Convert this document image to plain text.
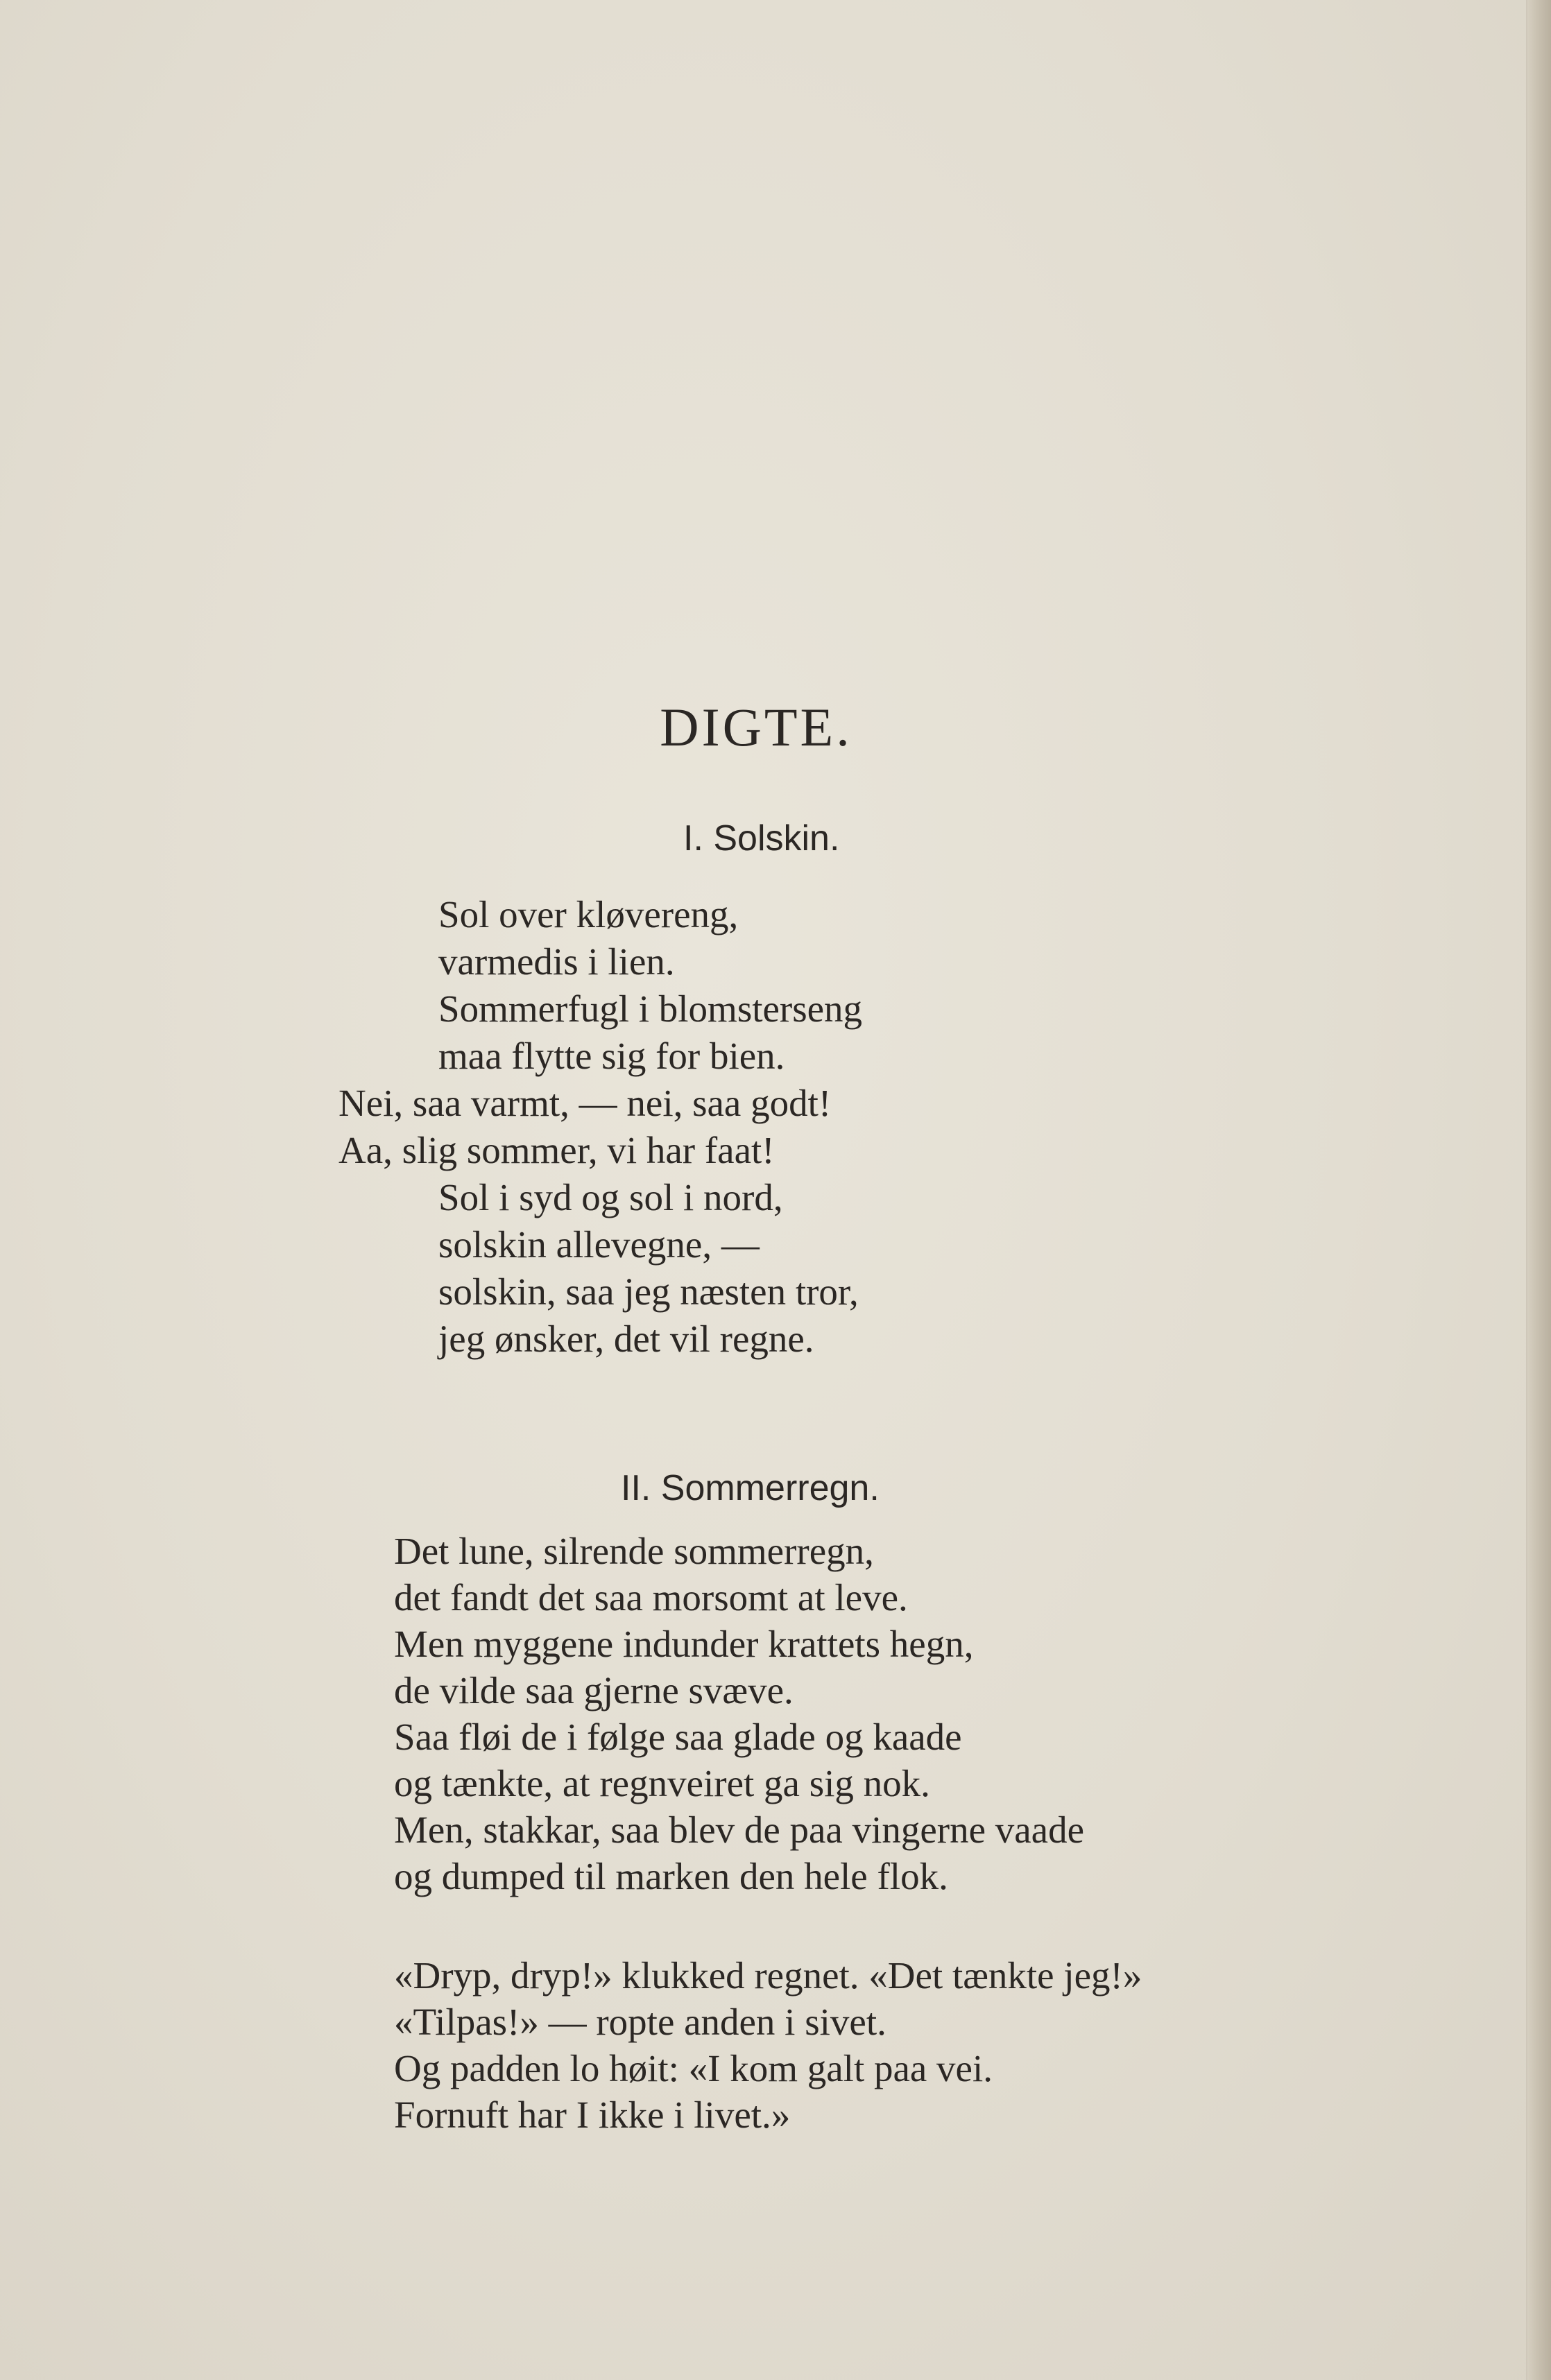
DIGTE.
I. Solskin.
Sol over kløvereng,
varmedis i lien.
Sommerfugl i blomsterseng
maa flytte sig for bien.
Nei, saa varmt, — nei, saa godt!
Aa, slig sommer, vi har faat!
Sol i syd og sol i nord,
solskin allevegne, —
solskin, saa jeg næsten tror,
jeg ønsker, det vil regne.
II. Sommerregn.
Det lune, silrende sommerregn,
det fandt det saa morsomt at leve.
Men myggene indunder krattets hegn,
de vilde saa gjerne svæve.
Saa fløi de i følge saa glade og kaade
og tænkte, at regnveiret ga sig nok.
Men, stakkar, saa blev de paa vingerne vaade
og dumped til marken den hele flok.
«Dryp, dryp!» klukked regnet. «Det tænkte jeg!»
«Tilpas!» — ropte anden i sivet.
Og padden lo høit: «I kom galt paa vei.
Fornuft har I ikke i livet.»
